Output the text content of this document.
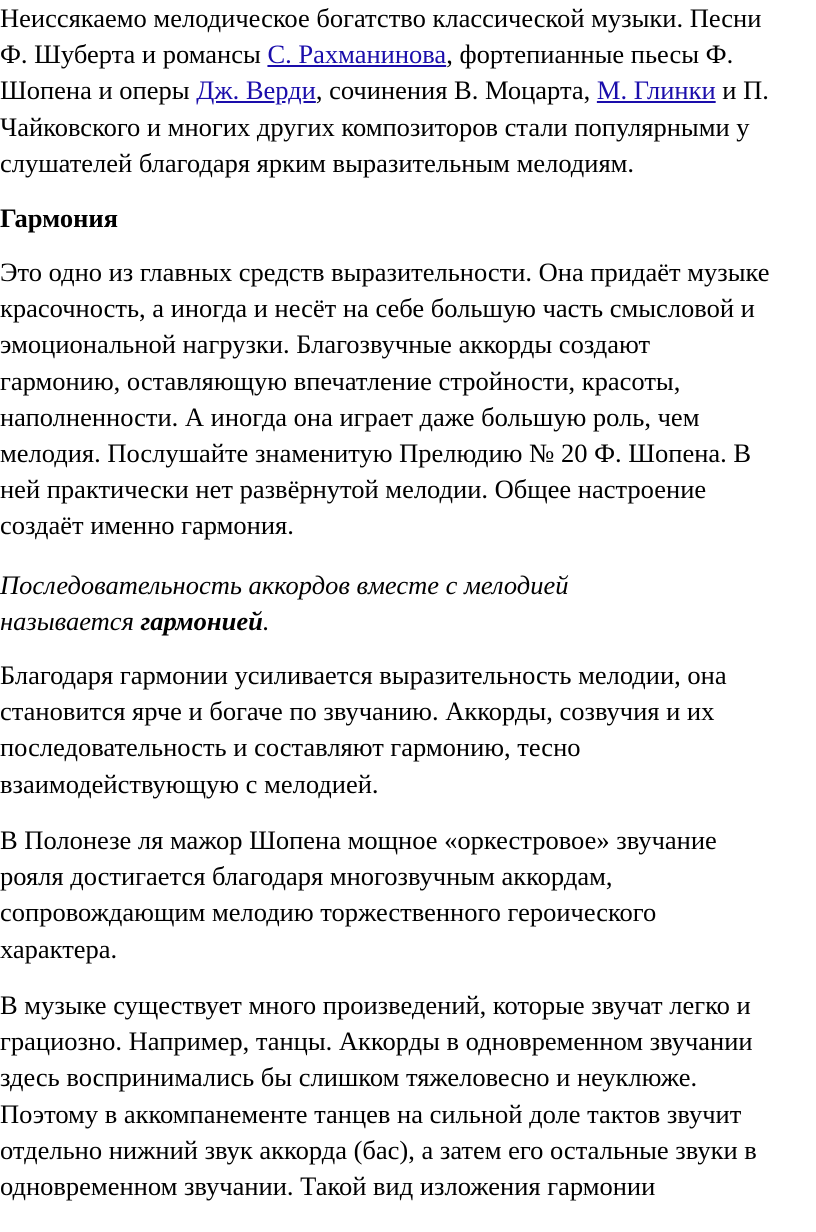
Неиссякаемо мелодическое богатство классической музыки. Песни
Ф. Шуберта и романсы С. Рахманинова, фортепианные пьесы Ф.
Шопена и оперы Дж. Верди, сочинения В. Моцарта, М. Глинки и П.
Чайковского и многих других композиторов стали популярными у
слушателей благодаря ярким выразительным мелодиям.
Гармония
Это одно из главных средств выразительности. Она придаёт музыке
красочность, а иногда и несёт на себе большую часть смысловой и
эмоциональной нагрузки. Благозвучные аккорды создают
гармонию, оставляющую впечатление стройности, красоты,
наполненности. А иногда она играет даже большую роль, чем
мелодия. Послушайте знаменитую Прелюдию № 20 Ф. Шопена. В
ней практически нет развёрнутой мелодии. Общее настроение
создаёт именно гармония.
Последовательность аккордов вместе с мелодией
называется гармонией.
Благодаря гармонии усиливается выразительность мелодии, она
становится ярче и богаче по звучанию. Аккорды, созвучия и их
последовательность и составляют гармонию, тесно
взаимодействующую с мелодией.
В Полонезе ля мажор Шопена мощное «оркестровое» звучание
рояля достигается благодаря многозвучным аккордам,
сопровождающим мелодию торжественного героического
характера.
В музыке существует много произведений, которые звучат легко и
грациозно. Например, танцы. Аккорды в одновременном звучании
здесь воспринимались бы слишком тяжеловесно и неуклюже.
Поэтому в аккомпанементе танцев на сильной доле тактов звучит
отдельно нижний звук аккорда (бас), а затем его остальные звуки в
одновременном звучании. Такой вид изложения гармонии
